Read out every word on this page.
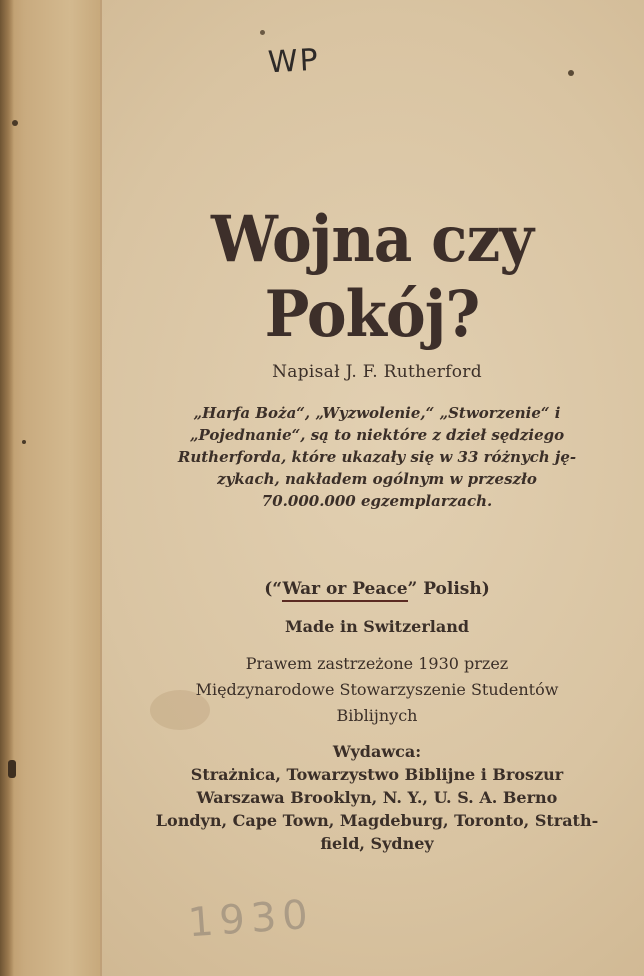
WP
Wojna czy Pokój?
Napisał J. F. Rutherford
„Harfa Boża“, „Wyzwolenie,“ „Stworzenie“ i
„Pojednanie“, są to niektóre z dzieł sędziego
Rutherforda, które ukazały się w 33 różnych ję-
zykach, nakładem ogólnym w przeszło
70.000.000 egzemplarzach.
(“War or Peace” Polish)
Made in Switzerland
Prawem zastrzeżone 1930 przez
Międzynarodowe Stowarzyszenie Studentów
Biblijnych
Wydawca:
Strażnica, Towarzystwo Biblijne i Broszur
Warszawa Brooklyn, N. Y., U. S. A. Berno
Londyn, Cape Town, Magdeburg, Toronto, Strath-
field, Sydney
1930
